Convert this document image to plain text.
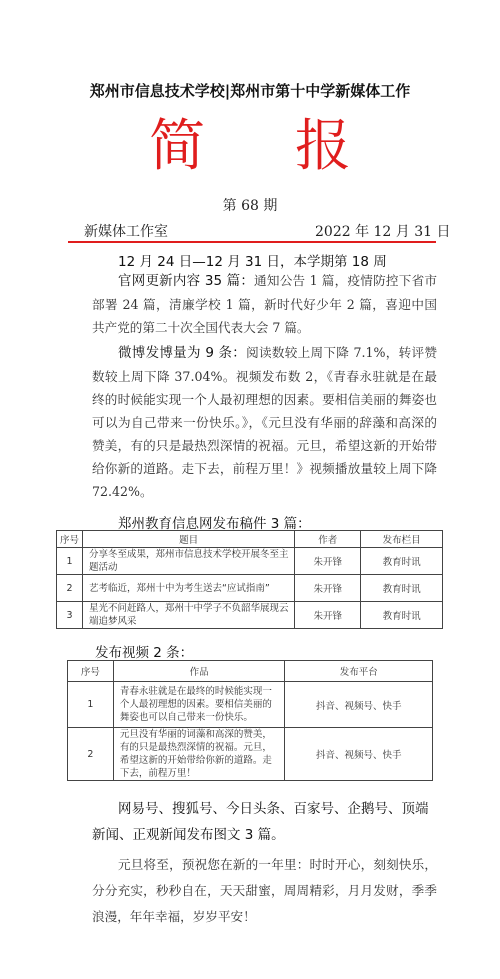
郑州市信息技术学校|郑州市第十中学新媒体工作
简 报
第 68 期
新媒体工作室	2022 年 12 月 31 日
12 月 24 日—12 月 31 日，本学期第 18 周
官网更新内容 35 篇：通知公告 1 篇，疫情防控下省市部署 24 篇，清廉学校 1 篇，新时代好少年 2 篇，喜迎中国共产党的第二十次全国代表大会 7 篇。
微博发博量为 9 条：阅读数较上周下降 7.1%，转评赞数较上周下降 37.04%。视频发布数 2，《青春永驻就是在最终的时候能实现一个人最初理想的因素。要相信美丽的舞姿也可以为自己带来一份快乐。》，《元旦没有华丽的辞藻和高深的赞美，有的只是最热烈深情的祝福。元旦，希望这新的开始带给你新的道路。走下去，前程万里！》视频播放量较上周下降 72.42%。
郑州教育信息网发布稿件 3 篇：
序号	题目	作者	发布栏目
1	分享冬至成果，郑州市信息技术学校开展冬至主题活动	朱开锋	教育时讯
2	艺考临近，郑州十中为考生送去“应试指南”	朱开锋	教育时讯
3	星光不问赶路人，郑州十中学子不负韶华展现云端追梦风采	朱开锋	教育时讯
发布视频 2 条：
序号	作品	发布平台
1	青春永驻就是在最终的时候能实现一个人最初理想的因素。要相信美丽的舞姿也可以自己带来一份快乐。	抖音、视频号、快手
2	元旦没有华丽的词藻和高深的赞美，有的只是最热烈深情的祝福。元旦，希望这新的开始带给你新的道路。走下去，前程万里！	抖音、视频号、快手
网易号、搜狐号、今日头条、百家号、企鹅号、顶端新闻、正观新闻发布图文 3 篇。
元旦将至，预祝您在新的一年里：时时开心，刻刻快乐，分分充实，秒秒自在，天天甜蜜，周周精彩，月月发财，季季浪漫，年年幸福，岁岁平安！
